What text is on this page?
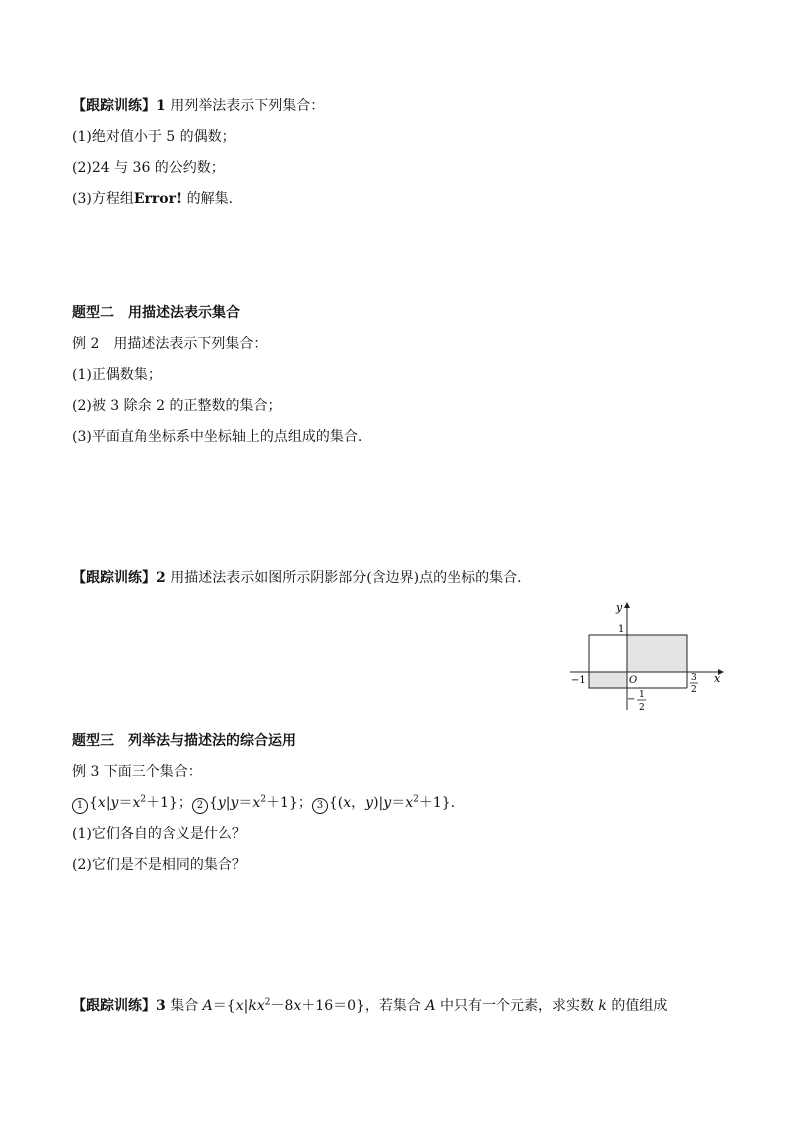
【跟踪训练】1 用列举法表示下列集合：
(1)绝对值小于 5 的偶数；
(2)24 与 36 的公约数；
(3)方程组Error! 的解集.
题型二　用描述法表示集合
例 2　用描述法表示下列集合：
(1)正偶数集；
(2)被 3 除余 2 的正整数的集合；
(3)平面直角坐标系中坐标轴上的点组成的集合.
【跟踪训练】2 用描述法表示如图所示阴影部分(含边界)点的坐标的集合.
y
x
O
1
−1	3
2
− 1
2
题型三　列举法与描述法的综合运用
例 3 下面三个集合：
1 $\{x|y=x^2+1\}$； 2 $\{y|y=x^2+1\}$； 3 {(x，$y)|y=x^2+1$}.
(1)它们各自的含义是什么？
(2)它们是不是相同的集合？
【跟踪训练】3 集合 $A=\{x|kx^2-8x+16=0\}$，若集合 A 中只有一个元素，求实数 k 的值组成
